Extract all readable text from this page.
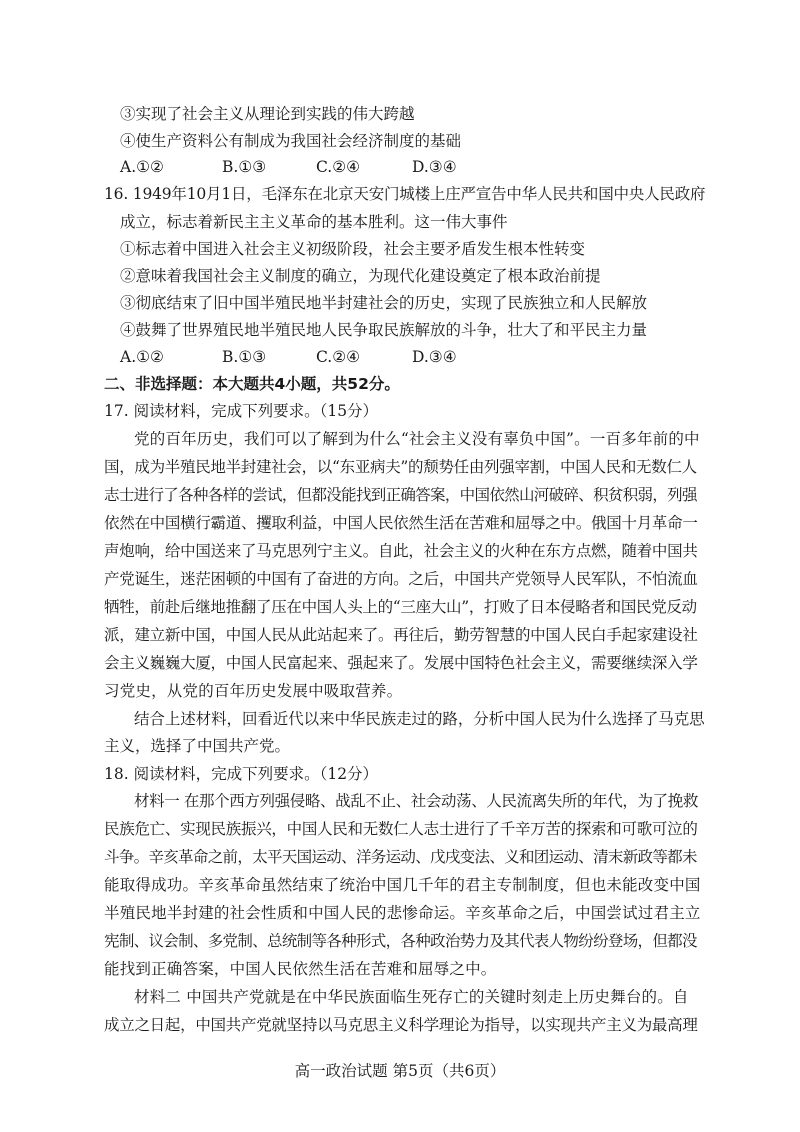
③实现了社会主义从理论到实践的伟大跨越
④使生产资料公有制成为我国社会经济制度的基础
A.①②	B.①③	C.②④	D.③④
16. 1949年10月1日，毛泽东在北京天安门城楼上庄严宣告中华人民共和国中央人民政府
成立，标志着新民主主义革命的基本胜利。这一伟大事件
①标志着中国进入社会主义初级阶段，社会主要矛盾发生根本性转变
②意味着我国社会主义制度的确立，为现代化建设奠定了根本政治前提
③彻底结束了旧中国半殖民地半封建社会的历史，实现了民族独立和人民解放
④鼓舞了世界殖民地半殖民地人民争取民族解放的斗争，壮大了和平民主力量
A.①②	B.①③	C.②④	D.③④
二、非选择题：本大题共4小题，共52分。
17. 阅读材料，完成下列要求。（15分）
党的百年历史，我们可以了解到为什么“社会主义没有辜负中国”。一百多年前的中
国，成为半殖民地半封建社会，以“东亚病夫”的颓势任由列强宰割，中国人民和无数仁人
志士进行了各种各样的尝试，但都没能找到正确答案，中国依然山河破碎、积贫积弱，列强
依然在中国横行霸道、攫取利益，中国人民依然生活在苦难和屈辱之中。俄国十月革命一
声炮响，给中国送来了马克思列宁主义。自此，社会主义的火种在东方点燃，随着中国共
产党诞生，迷茫困顿的中国有了奋进的方向。之后，中国共产党领导人民军队，不怕流血
牺牲，前赴后继地推翻了压在中国人头上的“三座大山”，打败了日本侵略者和国民党反动
派，建立新中国，中国人民从此站起来了。再往后，勤劳智慧的中国人民白手起家建设社
会主义巍巍大厦，中国人民富起来、强起来了。发展中国特色社会主义，需要继续深入学
习党史，从党的百年历史发展中吸取营养。
结合上述材料，回看近代以来中华民族走过的路，分析中国人民为什么选择了马克思
主义，选择了中国共产党。
18. 阅读材料，完成下列要求。（12分）
材料一 在那个西方列强侵略、战乱不止、社会动荡、人民流离失所的年代，为了挽救
民族危亡、实现民族振兴，中国人民和无数仁人志士进行了千辛万苦的探索和可歌可泣的
斗争。辛亥革命之前，太平天国运动、洋务运动、戊戌变法、义和团运动、清末新政等都未
能取得成功。辛亥革命虽然结束了统治中国几千年的君主专制制度，但也未能改变中国
半殖民地半封建的社会性质和中国人民的悲惨命运。辛亥革命之后，中国尝试过君主立
宪制、议会制、多党制、总统制等各种形式，各种政治势力及其代表人物纷纷登场，但都没
能找到正确答案，中国人民依然生活在苦难和屈辱之中。
材料二 中国共产党就是在中华民族面临生死存亡的关键时刻走上历史舞台的。自
成立之日起，中国共产党就坚持以马克思主义科学理论为指导，以实现共产主义为最高理
高一政治试题 第5页（共6页）
